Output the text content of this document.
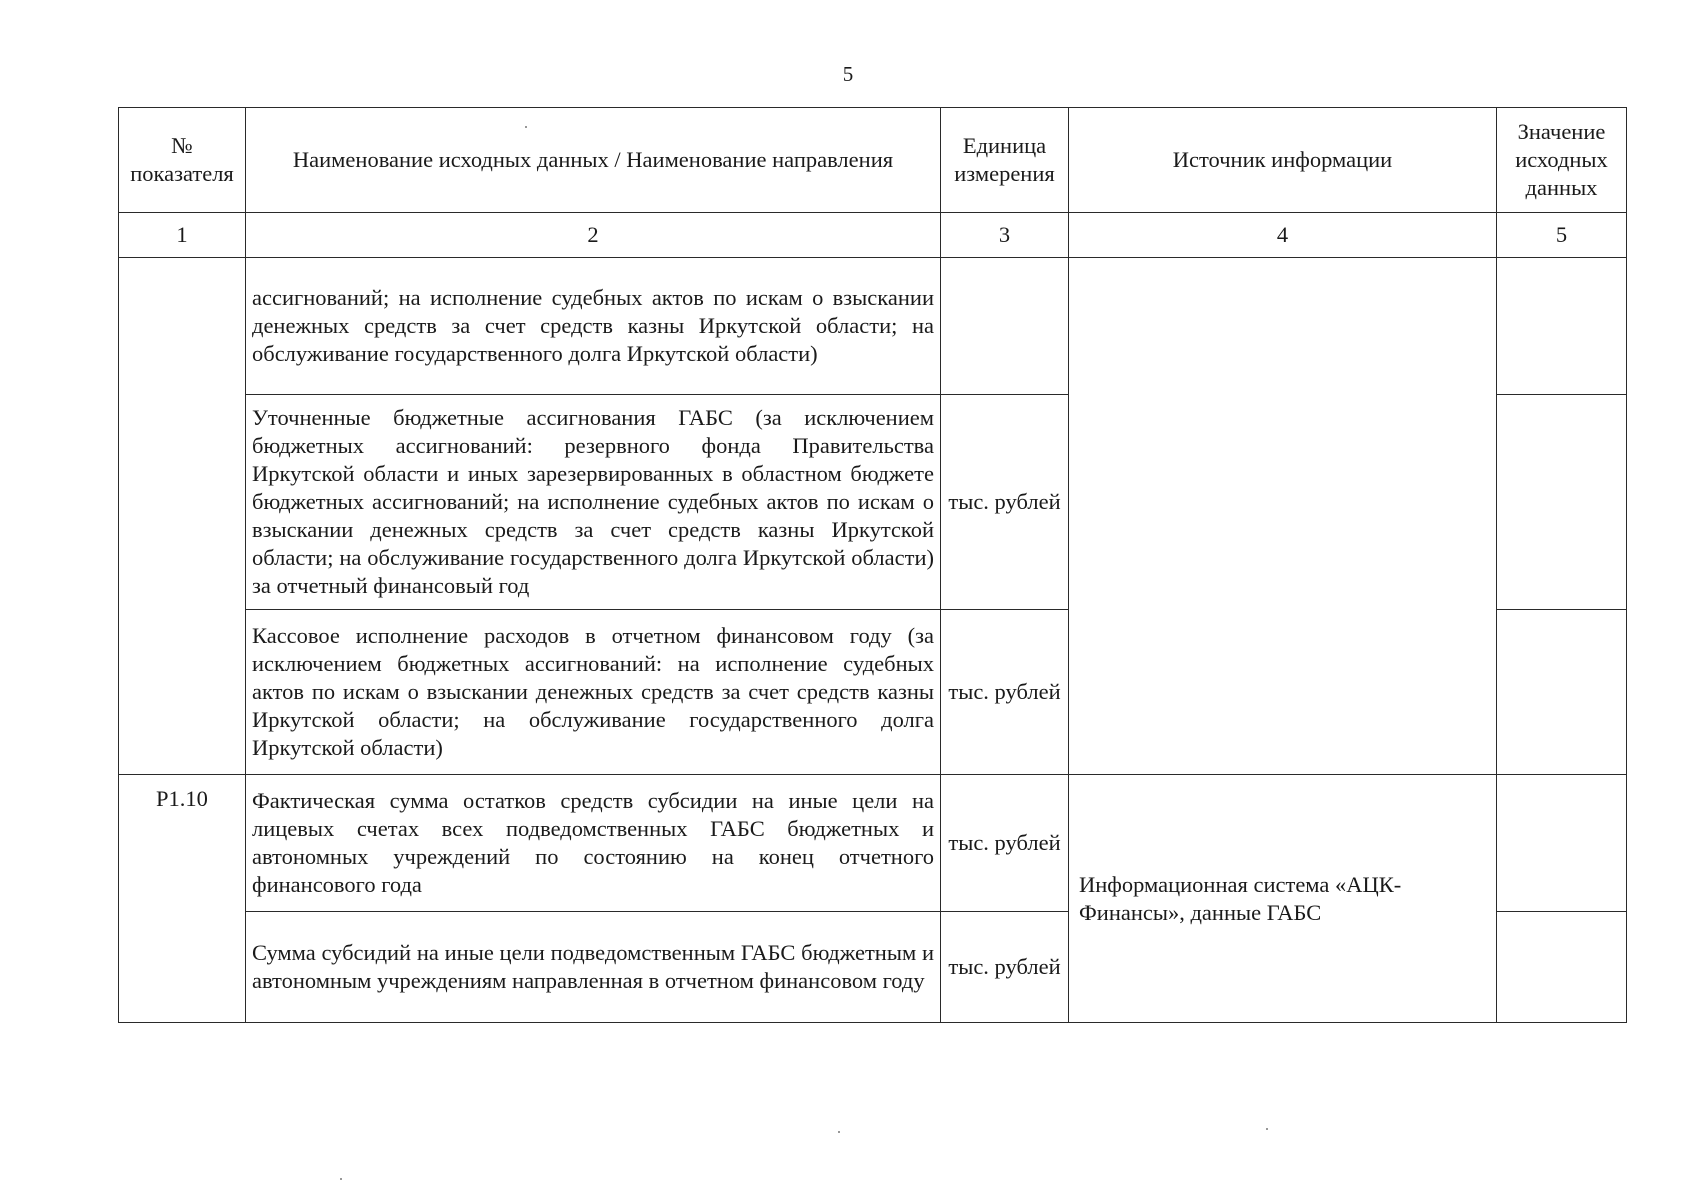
5
№ показателя	Наименование исходных данных / Наименование направления	Единица измерения	Источник информации	Значение исходных данных
1	2	3	4	5
	ассигнований; на исполнение судебных актов по искам о взыскании денежных средств за счет средств казны Иркутской области; на обслуживание государственного долга Иркутской области)			
	Уточненные бюджетные ассигнования ГАБС (за исключением бюджетных ассигнований: резервного фонда Правительства Иркутской области и иных зарезервированных в областном бюджете бюджетных ассигнований; на исполнение судебных актов по искам о взыскании денежных средств за счет средств казны Иркутской области; на обслуживание государственного долга Иркутской области) за отчетный финансовый год	тыс. рублей		
	Кассовое исполнение расходов в отчетном финансовом году (за исключением бюджетных ассигнований: на исполнение судебных актов по искам о взыскании денежных средств за счет средств казны Иркутской области; на обслуживание государственного долга Иркутской области)	тыс. рублей		
Р1.10	Фактическая сумма остатков средств субсидии на иные цели на лицевых счетах всех подведомственных ГАБС бюджетных и автономных учреждений по состоянию на конец отчетного финансового года	тыс. рублей	Информационная система «АЦК-Финансы», данные ГАБС	
	Сумма субсидий на иные цели подведомственным ГАБС бюджетным и автономным учреждениям направленная в отчетном финансовом году	тыс. рублей		
